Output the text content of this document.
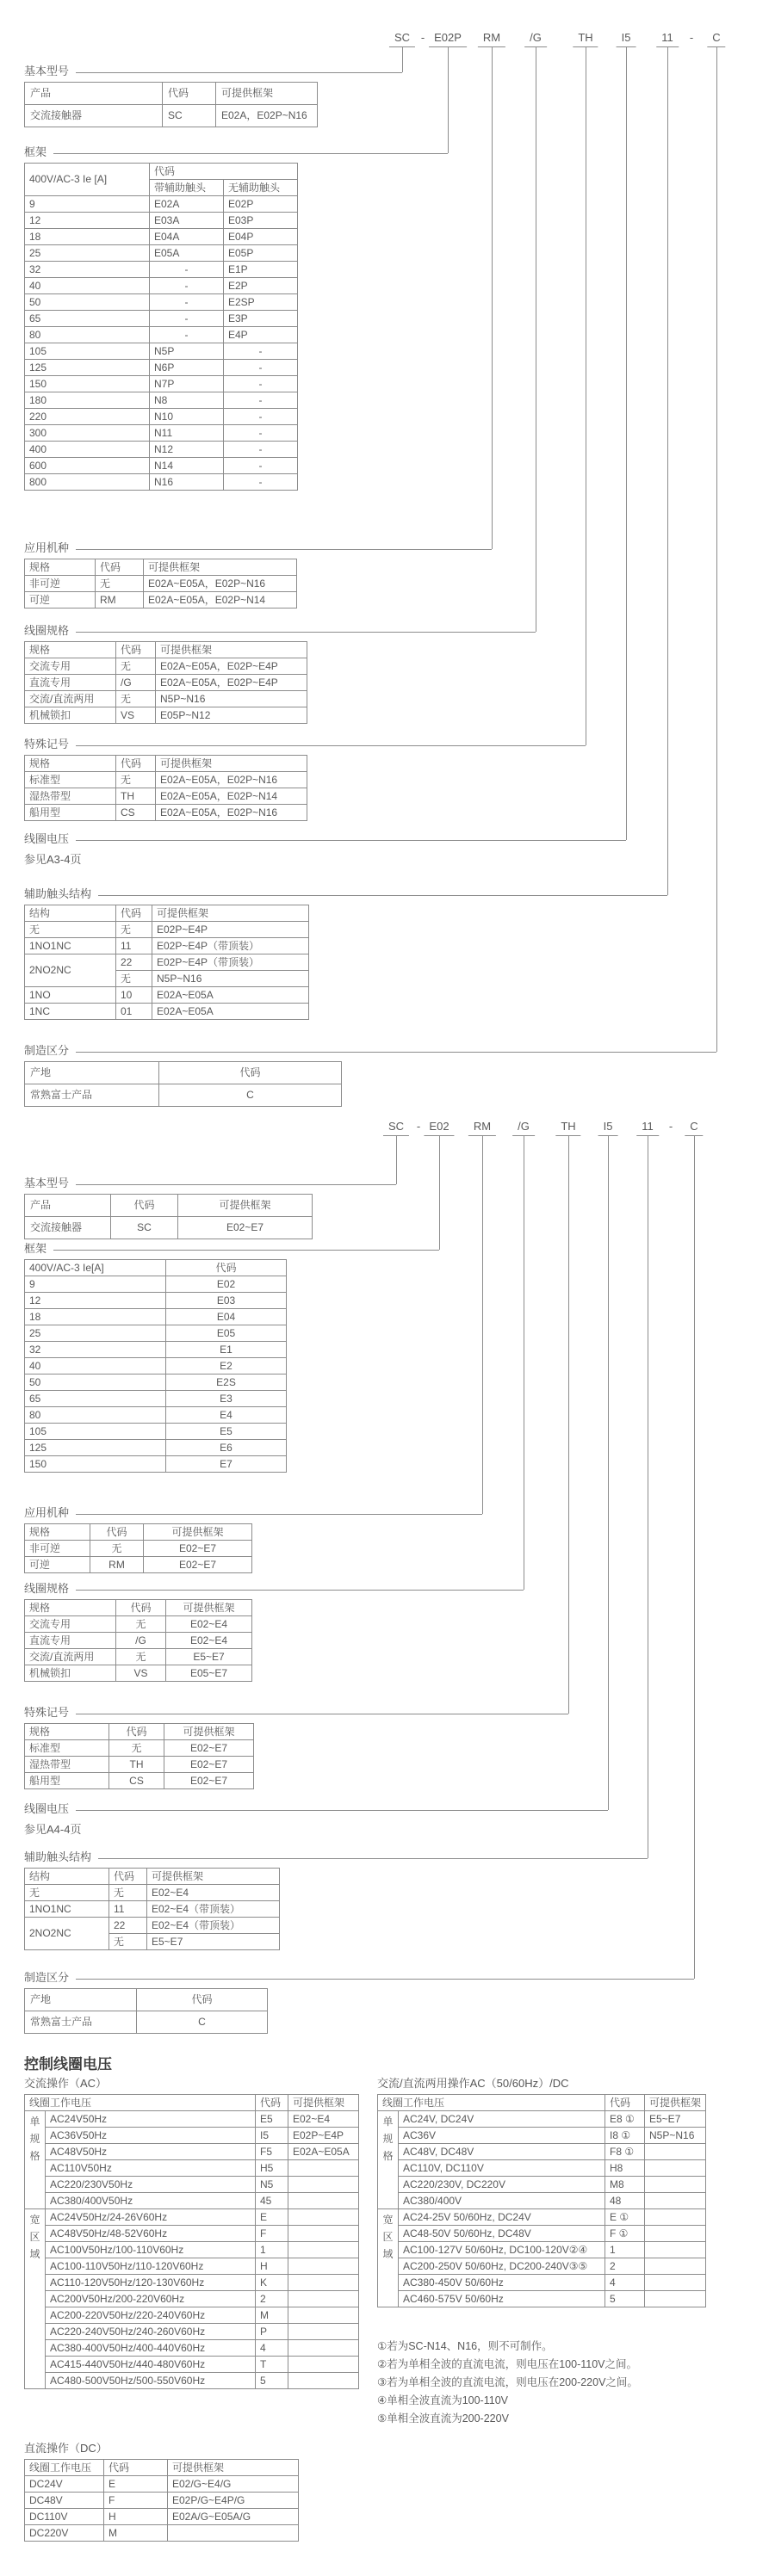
SC - E02P	RM	/G	TH	I5	11	-	C
SC	- E02	RM	/G	TH	I5	11	-	C
基本型号
产品	代码	可提供框架
交流接触器	SC	E02A，E02P~N16
框架
400V/AC-3 Ie [A]	代码	
	带辅助触头	无辅助触头
9	E02A	E02P
12	E03A	E03P
18	E04A	E04P
25	E05A	E05P
32	-	E1P
40	-	E2P
50	-	E2SP
65	-	E3P
80	-	E4P
105	N5P	-
125	N6P	-
150	N7P	-
180	N8	-
220	N10	-
300	N11	-
400	N12	-
600	N14	-
800	N16	-
应用机种
规格	代码	可提供框架
非可逆	无	E02A~E05A，E02P~N16
可逆	RM	E02A~E05A，E02P~N14
线圈规格
规格	代码	可提供框架
交流专用	无	E02A~E05A，E02P~E4P
直流专用	/G	E02A~E05A，E02P~E4P
交流/直流两用	无	N5P~N16
机械锁扣	VS	E05P~N12
特殊记号
规格	代码	可提供框架
标准型	无	E02A~E05A，E02P~N16
湿热带型	TH	E02A~E05A，E02P~N14
船用型	CS	E02A~E05A，E02P~N16
线圈电压
参见A3-4页
辅助触头结构
结构	代码	可提供框架
无	无	E02P~E4P
1NO1NC	11	E02P~E4P（带顶装）
2NO2NC	22	E02P~E4P（带顶装）
	无	N5P~N16
1NO	10	E02A~E05A
1NC	01	E02A~E05A
制造区分
产地	代码
常熟富士产品	C
基本型号
产品	代码	可提供框架
交流接触器	SC	E02~E7
框架
400V/AC-3 Ie[A]	代码
9	E02
12	E03
18	E04
25	E05
32	E1
40	E2
50	E2S
65	E3
80	E4
105	E5
125	E6
150	E7
应用机种
规格	代码	可提供框架
非可逆	无	E02~E7
可逆	RM	E02~E7
线圈规格
规格	代码	可提供框架
交流专用	无	E02~E4
直流专用	/G	E02~E4
交流/直流两用	无	E5~E7
机械锁扣	VS	E05~E7
特殊记号
规格	代码	可提供框架
标准型	无	E02~E7
湿热带型	TH	E02~E7
船用型	CS	E02~E7
线圈电压
参见A4-4页
辅助触头结构
结构	代码	可提供框架
无	无	E02~E4
1NO1NC	11	E02~E4（带顶装）
2NO2NC	22	E02~E4（带顶装）
	无	E5~E7
制造区分
产地	代码
常熟富士产品	C
控制线圈电压
交流操作（AC）
线圈工作电压		代码	可提供框架
单规格	AC24V50Hz	E5	E02~E4
	AC36V50Hz	I5	E02P~E4P
	AC48V50Hz	F5	E02A~E05A
	AC110V50Hz	H5	
	AC220/230V50Hz	N5	
	AC380/400V50Hz	45	
宽区域	AC24V50Hz/24-26V60Hz	E	
	AC48V50Hz/48-52V60Hz	F	
	AC100V50Hz/100-110V60Hz	1	
	AC100-110V50Hz/110-120V60Hz	H	
	AC110-120V50Hz/120-130V60Hz	K	
	AC200V50Hz/200-220V60Hz	2	
	AC200-220V50Hz/220-240V60Hz	M	
	AC220-240V50Hz/240-260V60Hz	P	
	AC380-400V50Hz/400-440V60Hz	4	
	AC415-440V50Hz/440-480V60Hz	T	
	AC480-500V50Hz/500-550V60Hz	5	
交流/直流两用操作AC（50/60Hz）/DC
线圈工作电压		代码	可提供框架
单规格	AC24V, DC24V	E8 ①	E5~E7
	AC36V	I8 ①	N5P~N16
	AC48V, DC48V	F8 ①	
	AC110V, DC110V	H8	
	AC220/230V, DC220V	M8	
	AC380/400V	48	
宽区域	AC24-25V 50/60Hz, DC24V	E ①	
	AC48-50V 50/60Hz, DC48V	F ①	
	AC100-127V 50/60Hz, DC100-120V②④	1	
	AC200-250V 50/60Hz, DC200-240V③⑤	2	
	AC380-450V 50/60Hz	4	
	AC460-575V 50/60Hz	5	
①若为SC-N14、N16，则不可制作。
②若为单相全波的直流电流，则电压在100-110V之间。
③若为单相全波的直流电流，则电压在200-220V之间。
④单相全波直流为100-110V
⑤单相全波直流为200-220V
直流操作（DC）
线圈工作电压	代码	可提供框架
DC24V	E	E02/G~E4/G
DC48V	F	E02P/G~E4P/G
DC110V	H	E02A/G~E05A/G
DC220V	M	
